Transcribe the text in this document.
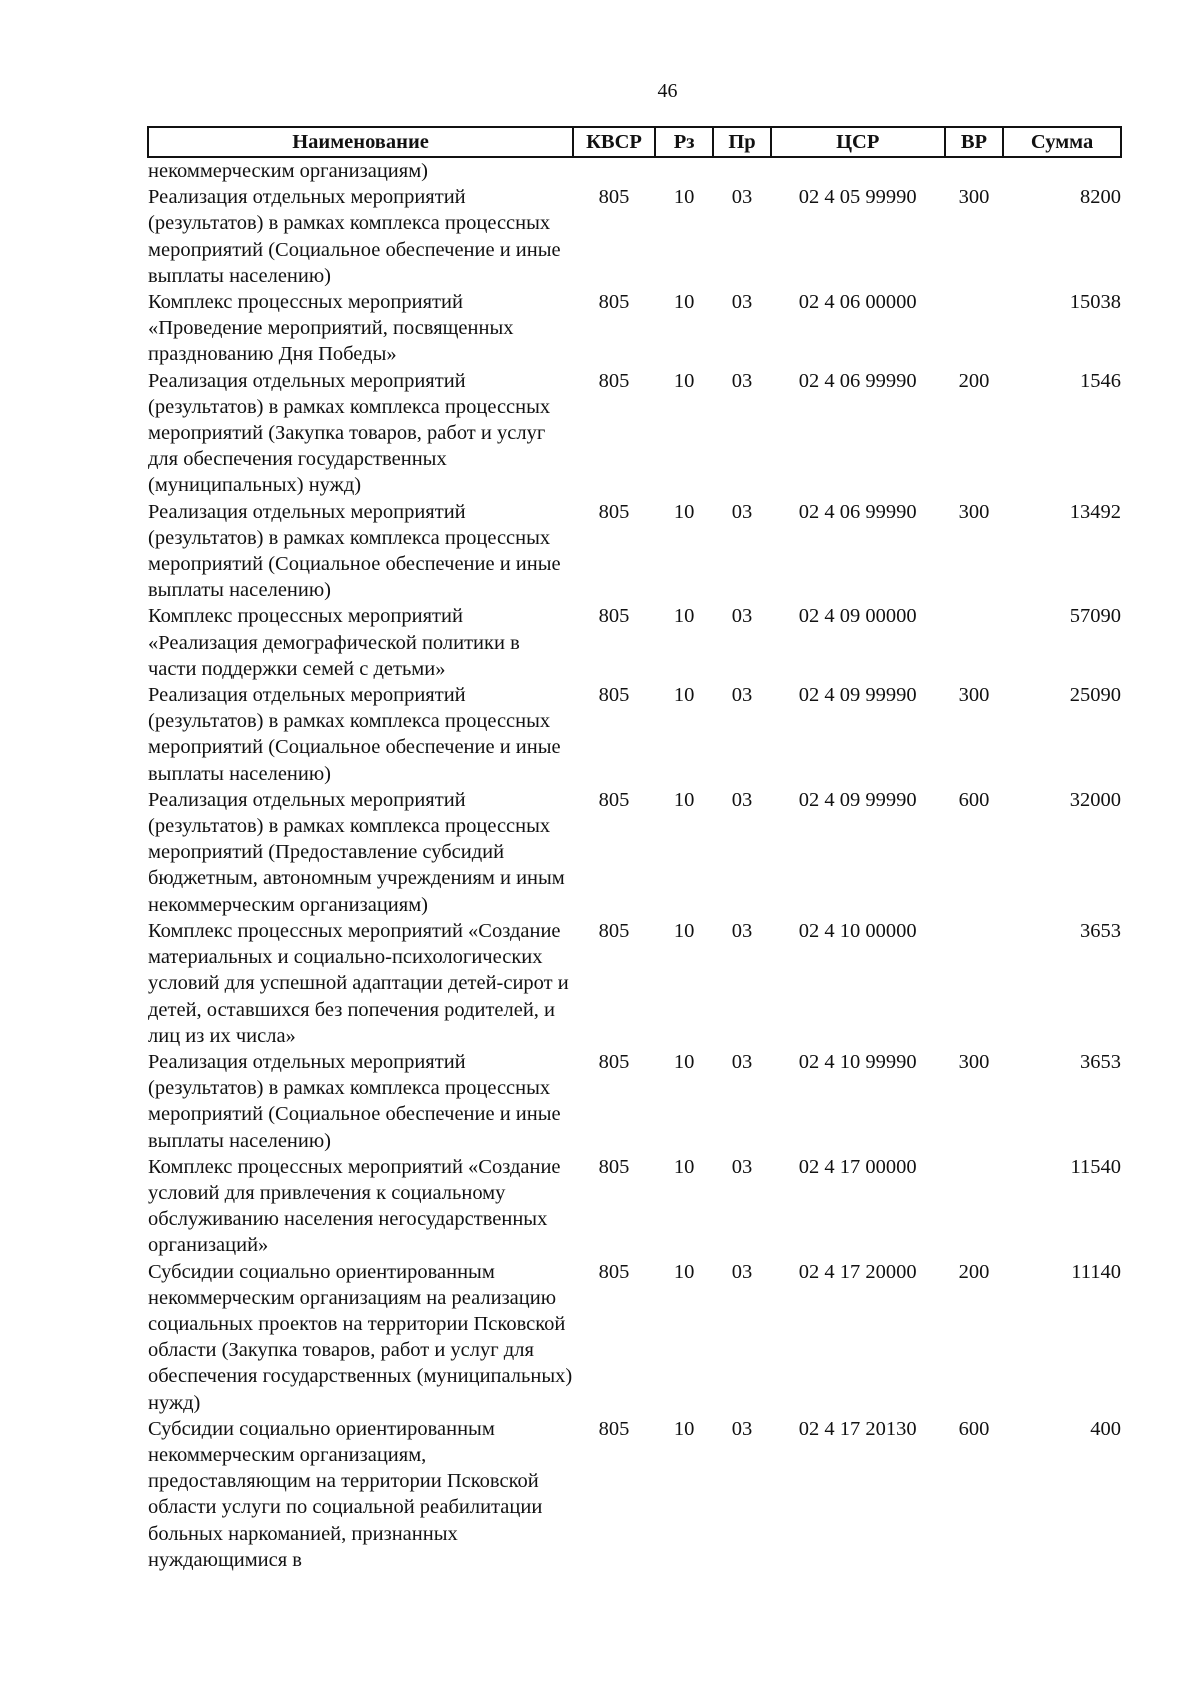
46
Наименование	КВСР	Рз	Пр	ЦСР	ВР	Сумма
некоммерческим организациям)						
Реализация отдельных мероприятий (результатов) в рамках комплекса процессных мероприятий (Социальное обеспечение и иные выплаты населению)	805	10	03	02 4 05 99990	300	8200
Комплекс процессных мероприятий «Проведение мероприятий, посвященных празднованию Дня Победы»	805	10	03	02 4 06 00000		15038
Реализация отдельных мероприятий (результатов) в рамках комплекса процессных мероприятий (Закупка товаров, работ и услуг для обеспечения государственных (муниципальных) нужд)	805	10	03	02 4 06 99990	200	1546
Реализация отдельных мероприятий (результатов) в рамках комплекса процессных мероприятий (Социальное обеспечение и иные выплаты населению)	805	10	03	02 4 06 99990	300	13492
Комплекс процессных мероприятий «Реализация демографической политики в части поддержки семей с детьми»	805	10	03	02 4 09 00000		57090
Реализация отдельных мероприятий (результатов) в рамках комплекса процессных мероприятий (Социальное обеспечение и иные выплаты населению)	805	10	03	02 4 09 99990	300	25090
Реализация отдельных мероприятий (результатов) в рамках комплекса процессных мероприятий (Предоставление субсидий бюджетным, автономным учреждениям и иным некоммерческим организациям)	805	10	03	02 4 09 99990	600	32000
Комплекс процессных мероприятий «Создание материальных и социально-психологических условий для успешной адаптации детей-сирот и детей, оставшихся без попечения родителей, и лиц из их числа»	805	10	03	02 4 10 00000		3653
Реализация отдельных мероприятий (результатов) в рамках комплекса процессных мероприятий (Социальное обеспечение и иные выплаты населению)	805	10	03	02 4 10 99990	300	3653
Комплекс процессных мероприятий «Создание условий для привлечения к социальному обслуживанию населения негосударственных организаций»	805	10	03	02 4 17 00000		11540
Субсидии социально ориентированным некоммерческим организациям на реализацию социальных проектов на территории Псковской области (Закупка товаров, работ и услуг для обеспечения государственных (муниципальных) нужд)	805	10	03	02 4 17 20000	200	11140
Субсидии социально ориентированным некоммерческим организациям, предоставляющим на территории Псковской области услуги по социальной реабилитации больных наркоманией, признанных нуждающимися в	805	10	03	02 4 17 20130	600	400
